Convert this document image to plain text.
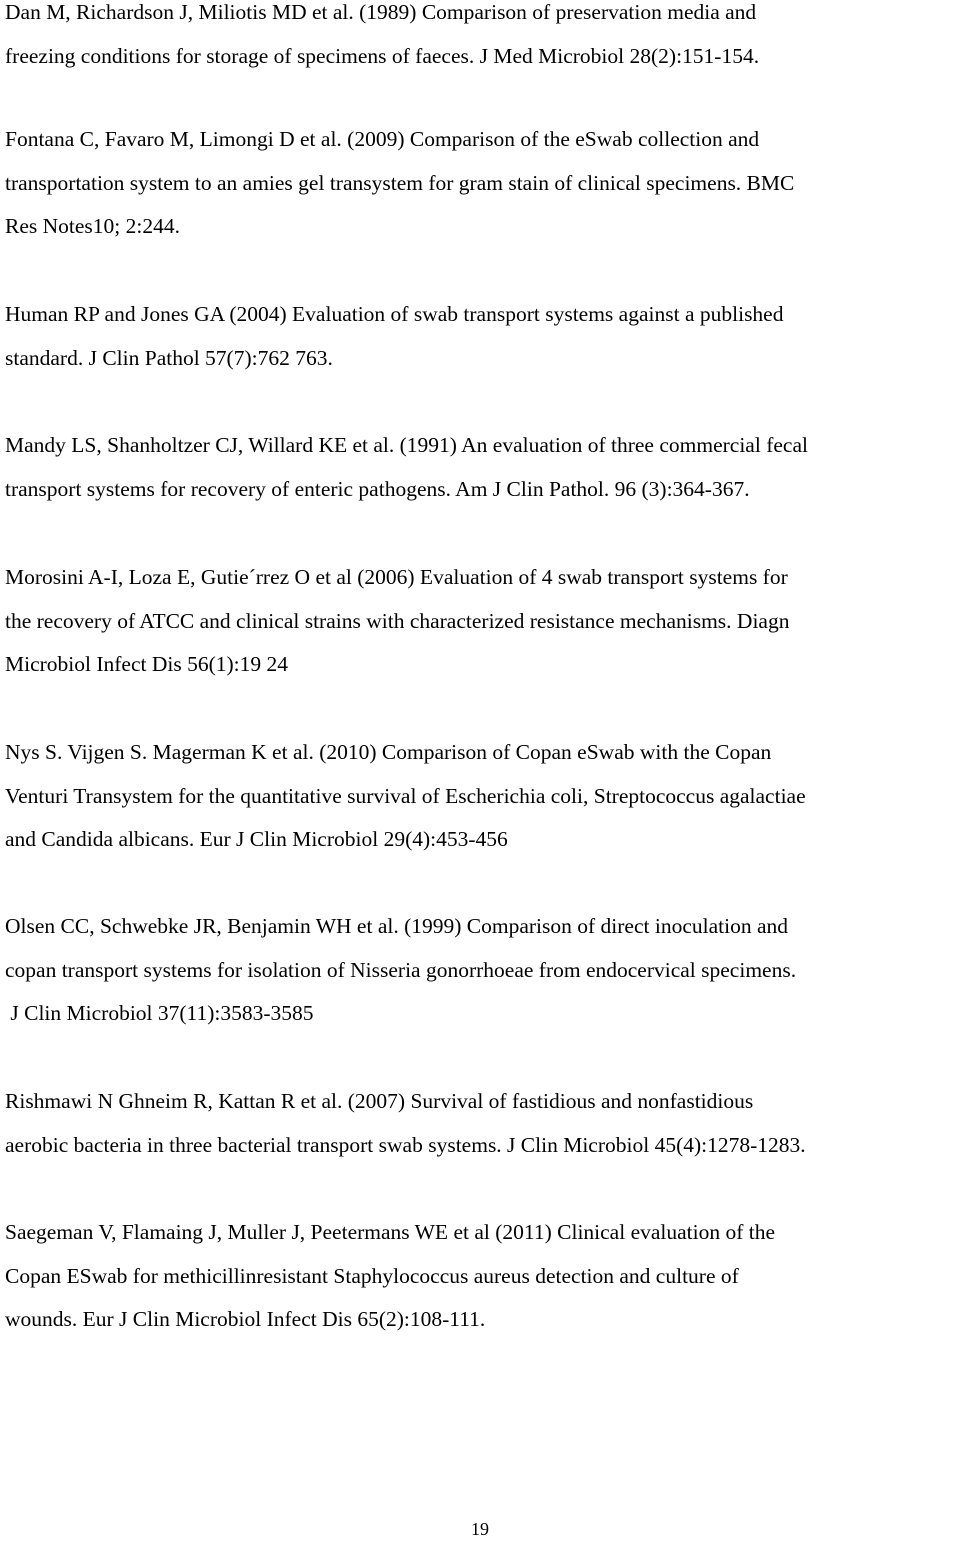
Dan M, Richardson J, Miliotis MD et al. (1989) Comparison of preservation media and
freezing conditions for storage of specimens of faeces. J Med Microbiol 28(2):151-154.

Fontana C, Favaro M, Limongi D et al. (2009) Comparison of the eSwab collection and
transportation system to an amies gel transystem for gram stain of clinical specimens. BMC
Res Notes10; 2:244.

Human RP and Jones GA (2004) Evaluation of swab transport systems against a published
standard. J Clin Pathol 57(7):762 763.

Mandy LS, Shanholtzer CJ, Willard KE et al. (1991) An evaluation of three commercial fecal
transport systems for recovery of enteric pathogens. Am J Clin Pathol. 96 (3):364-367.

Morosini A-I, Loza E, Gutie´rrez O et al (2006) Evaluation of 4 swab transport systems for
the recovery of ATCC and clinical strains with characterized resistance mechanisms. Diagn
Microbiol Infect Dis 56(1):19 24

Nys S. Vijgen S. Magerman K et al. (2010) Comparison of Copan eSwab with the Copan
Venturi Transystem for the quantitative survival of Escherichia coli, Streptococcus agalactiae
and Candida albicans. Eur J Clin Microbiol 29(4):453-456

Olsen CC, Schwebke JR, Benjamin WH et al. (1999) Comparison of direct inoculation and
copan transport systems for isolation of Nisseria gonorrhoeae from endocervical specimens.
J Clin Microbiol 37(11):3583-3585

Rishmawi N Ghneim R, Kattan R et al. (2007) Survival of fastidious and nonfastidious
aerobic bacteria in three bacterial transport swab systems. J Clin Microbiol 45(4):1278-1283.

Saegeman V, Flamaing J, Muller J, Peetermans WE et al (2011) Clinical evaluation of the
Copan ESwab for methicillinresistant Staphylococcus aureus detection and culture of
wounds. Eur J Clin Microbiol Infect Dis 65(2):108-111.

19
